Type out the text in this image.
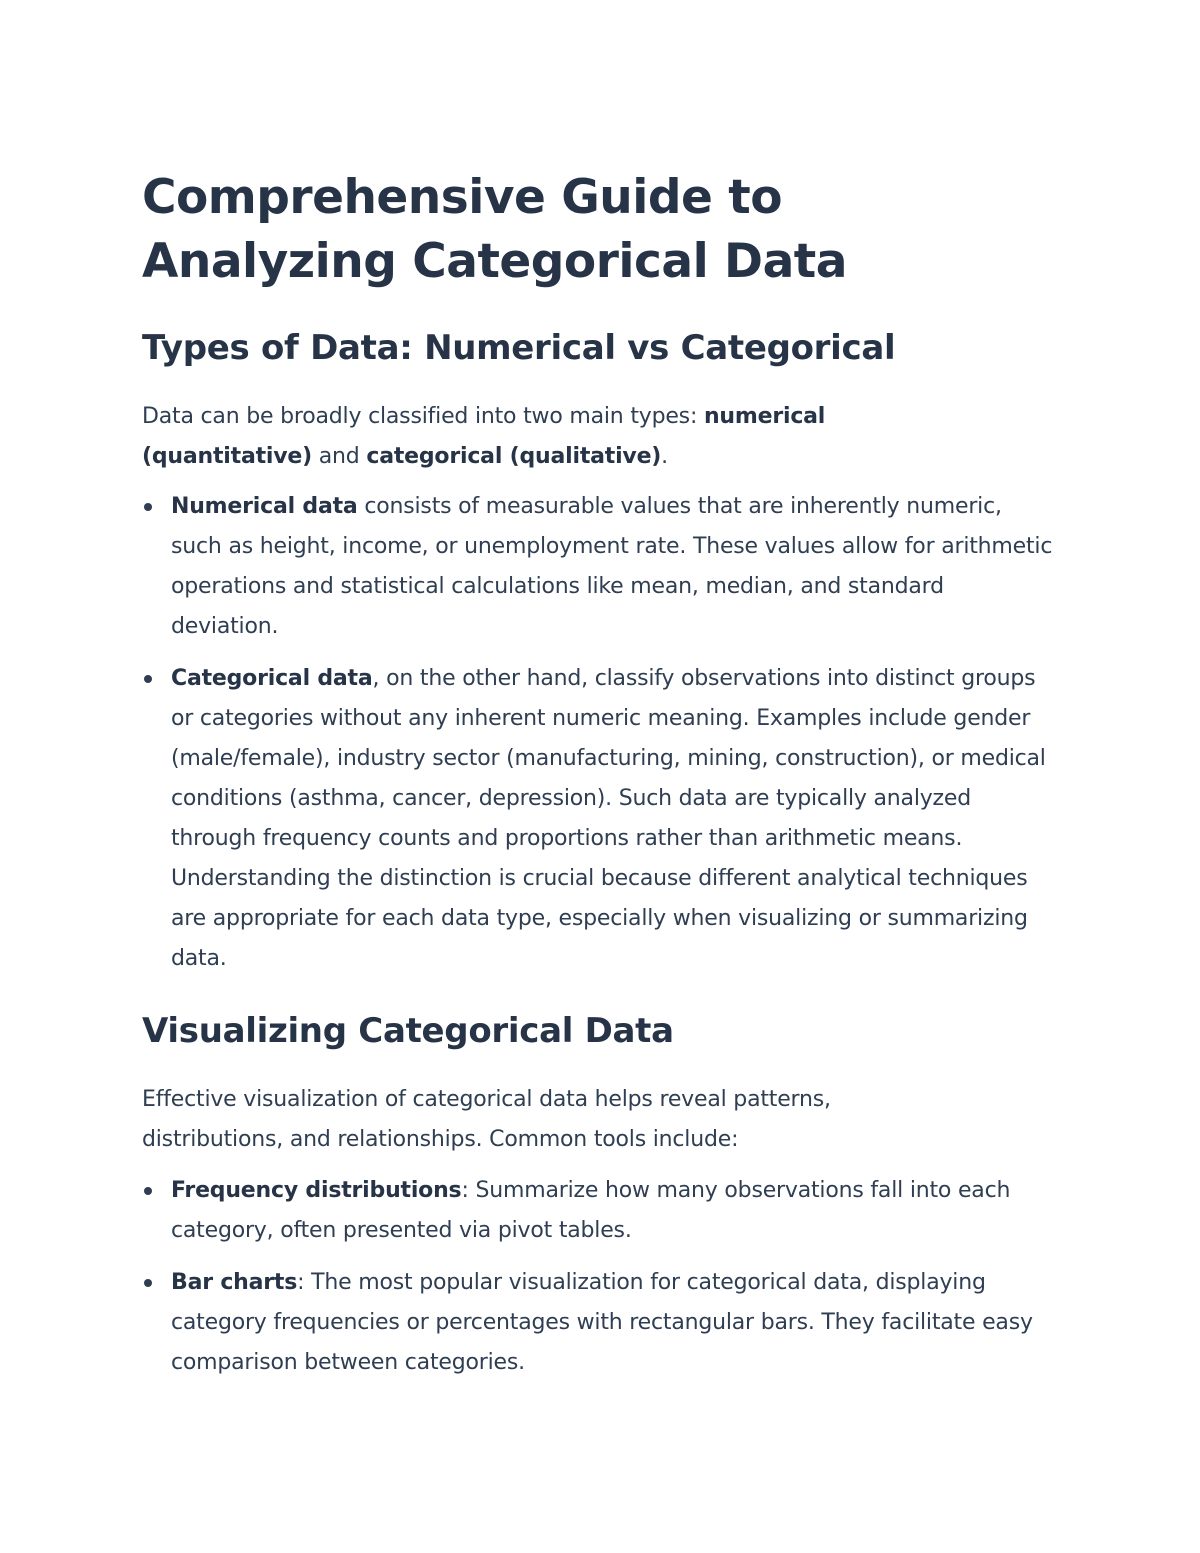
Comprehensive Guide to Analyzing Categorical Data
Types of Data: Numerical vs Categorical

Data can be broadly classified into two main types: numerical (quantitative) and categorical (qualitative).

Numerical data consists of measurable values that are inherently numeric, such as height, income, or unemployment rate. These values allow for arithmetic operations and statistical calculations like mean, median, and standard deviation.
Categorical data, on the other hand, classify observations into distinct groups or categories without any inherent numeric meaning. Examples include gender (male/female), industry sector (manufacturing, mining, construction), or medical conditions (asthma, cancer, depression). Such data are typically analyzed through frequency counts and proportions rather than arithmetic means.

Understanding the distinction is crucial because different analytical techniques are appropriate for each data type, especially when visualizing or summarizing data.

Visualizing Categorical Data

Effective visualization of categorical data helps reveal patterns, distributions, and relationships. Common tools include:

Frequency distributions: Summarize how many observations fall into each category, often presented via pivot tables.
Bar charts: The most popular visualization for categorical data, displaying category frequencies or percentages with rectangular bars. They facilitate easy comparison between categories.
